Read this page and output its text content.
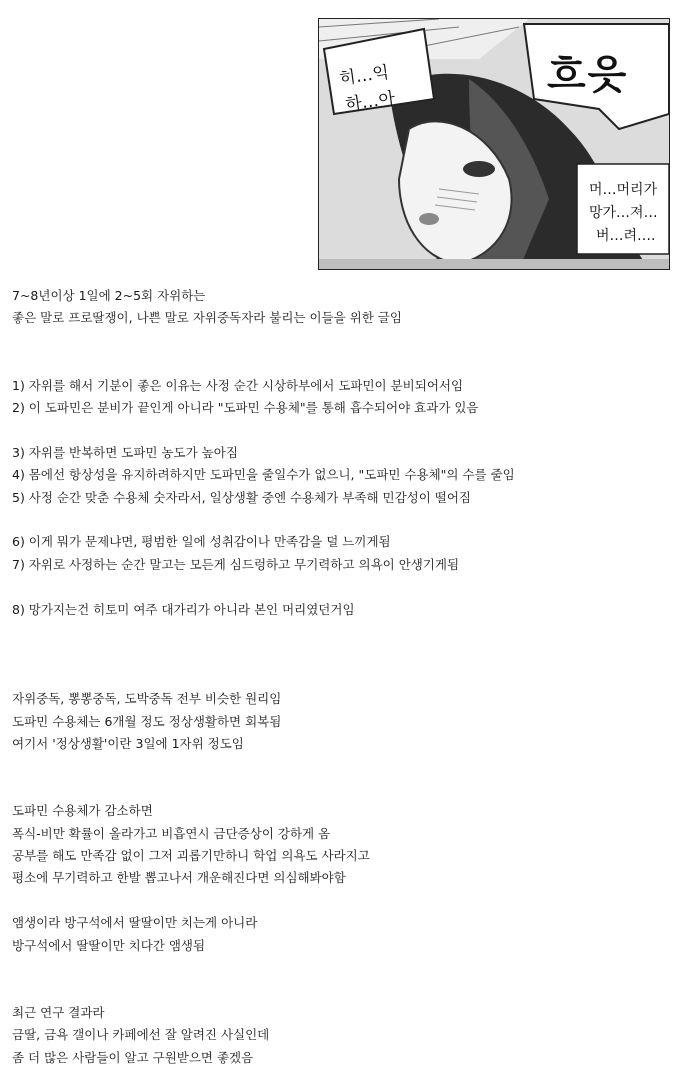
히…익
하…아
흐읏
머…머리가
망가…져…
버…려….
7~8년이상 1일에 2~5회 자위하는
좋은 말로 프로딸쟁이, 나쁜 말로 자위중독자라 불리는 이들을 위한 글임
1) 자위를 해서 기분이 좋은 이유는 사정 순간 시상하부에서 도파민이 분비되어서임
2) 이 도파민은 분비가 끝인게 아니라 "도파민 수용체"를 통해 흡수되어야 효과가 있음
3) 자위를 반복하면 도파민 농도가 높아짐
4) 몸에선 항상성을 유지하려하지만 도파민을 줄일수가 없으니, "도파민 수용체"의 수를 줄임
5) 사정 순간 맞춘 수용체 숫자라서, 일상생활 중엔 수용체가 부족해 민감성이 떨어짐
6) 이게 뭐가 문제냐면, 평범한 일에 성취감이나 만족감을 덜 느끼게됨
7) 자위로 사정하는 순간 말고는 모든게 심드렁하고 무기력하고 의욕이 안생기게됨
8) 망가지는건 히토미 여주 대가리가 아니라 본인 머리였던거임
자위중독, 뽕뽕중독, 도박중독 전부 비슷한 원리임
도파민 수용체는 6개월 정도 정상생활하면 회복됨
여기서 '정상생활'이란 3일에 1자위 정도임
도파민 수용체가 감소하면
폭식-비만 확률이 올라가고 비흡연시 금단증상이 강하게 옴
공부를 해도 만족감 없이 그저 괴롭기만하니 학업 의욕도 사라지고
평소에 무기력하고 한발 뽑고나서 개운해진다면 의심해봐야함
앰생이라 방구석에서 딸딸이만 치는게 아니라
방구석에서 딸딸이만 치다간 앰생됨
최근 연구 결과라
금딸, 금욕 갤이나 카페에선 잘 알려진 사실인데
좀 더 많은 사람들이 알고 구원받으면 좋겠음
